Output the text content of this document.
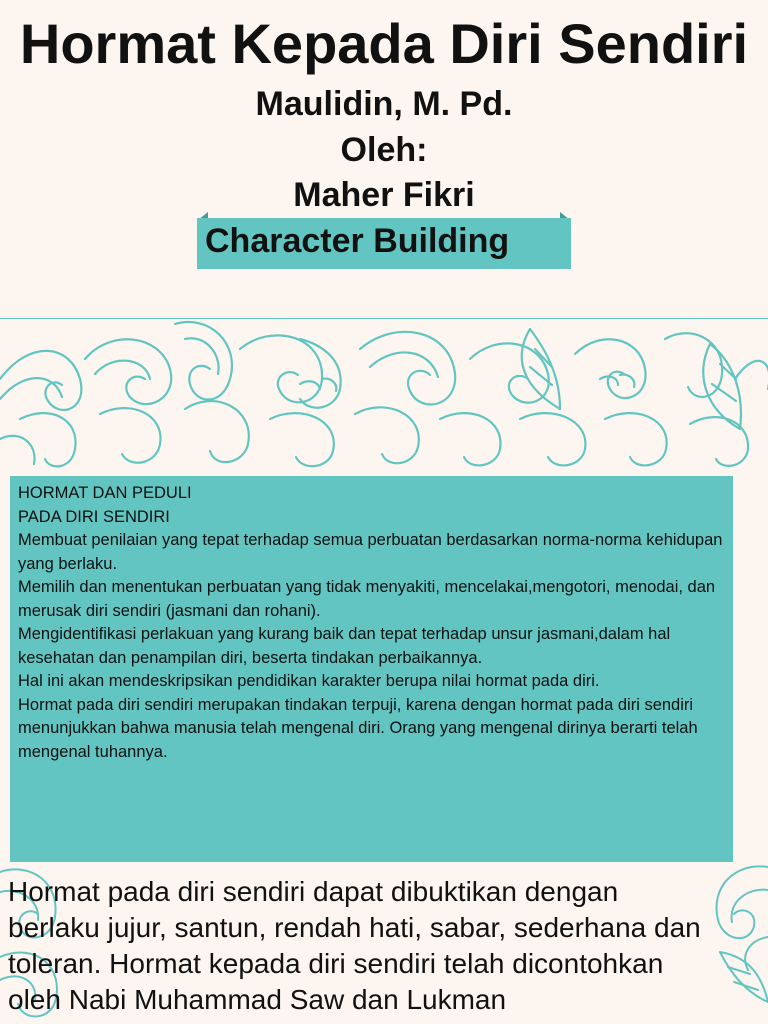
Hormat Kepada Diri Sendiri
Maulidin, M. Pd.
Oleh:
Maher Fikri
Character Building

HORMAT DAN PEDULI

PADA DIRI SENDIRI

Membuat penilaian yang tepat terhadap semua perbuatan berdasarkan norma-norma kehidupan yang berlaku.

Memilih dan menentukan perbuatan yang tidak menyakiti, mencelakai,mengotori, menodai, dan merusak diri sendiri (jasmani dan rohani).

Mengidentifikasi perlakuan yang kurang baik dan tepat terhadap unsur jasmani,dalam hal kesehatan dan penampilan diri, beserta tindakan perbaikannya.

Hal ini akan mendeskripsikan pendidikan karakter berupa nilai hormat pada diri.

Hormat pada diri sendiri merupakan tindakan terpuji, karena dengan hormat pada diri sendiri menunjukkan bahwa manusia telah mengenal diri. Orang yang mengenal dirinya berarti telah mengenal tuhannya.

Hormat pada diri sendiri dapat dibuktikan dengan berlaku jujur, santun, rendah hati, sabar, sederhana dan toleran. Hormat kepada diri sendiri telah dicontohkan oleh Nabi Muhammad Saw dan Lukman
